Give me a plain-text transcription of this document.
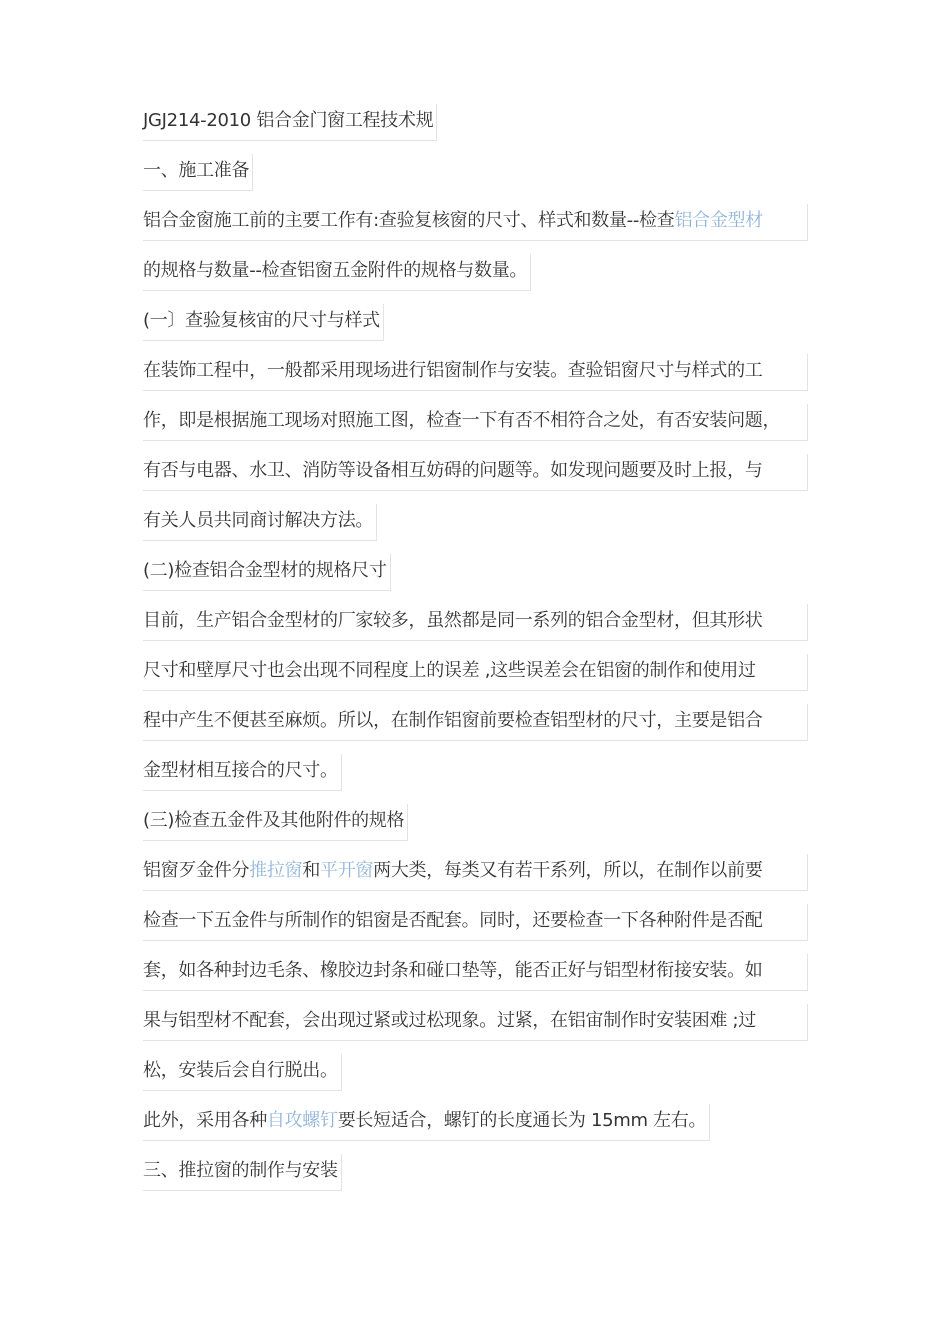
JGJ214-2010 铝合金门窗工程技术规
一、施工准备
铝合金窗施工前的主要工作有:查验复核窗的尺寸、样式和数量--检查铝合金型材
的规格与数量--检查铝窗五金附件的规格与数量。
(一〕查验复核宙的尺寸与样式
在装饰工程中，一般都采用现场进行铝窗制作与安装。查验铝窗尺寸与样式的工
作，即是根据施工现场对照施工图，检查一下有否不相符合之处，有否安装问题，
有否与电器、水卫、消防等设备相互妨碍的问题等。如发现问题要及时上报，与
有关人员共同商讨解决方法。
(二)检查铝合金型材的规格尺寸
目前，生产铝合金型材的厂家较多，虽然都是同一系列的铝合金型材，但其形状
尺寸和壁厚尺寸也会出现不同程度上的误差 ,这些误差会在铝窗的制作和使用过
程中产生不便甚至麻烦。所以，在制作铝窗前要检查铝型材的尺寸，主要是铝合
金型材相互接合的尺寸。
(三)检查五金件及其他附件的规格
铝窗歹金件分推拉窗和平开窗两大类，每类又有若干系列，所以，在制作以前要
检查一下五金件与所制作的铝窗是否配套。同时，还要检查一下各种附件是否配
套，如各种封边毛条、橡胶边封条和碰口垫等，能否正好与铝型材衔接安装。如
果与铝型材不配套，会出现过紧或过松现象。过紧，在铝宙制作时安装困难 ;过
松，安装后会自行脱出。
此外，采用各种自攻螺钉要长短适合，螺钉的长度通长为 15mm 左右。
三、推拉窗的制作与安装
